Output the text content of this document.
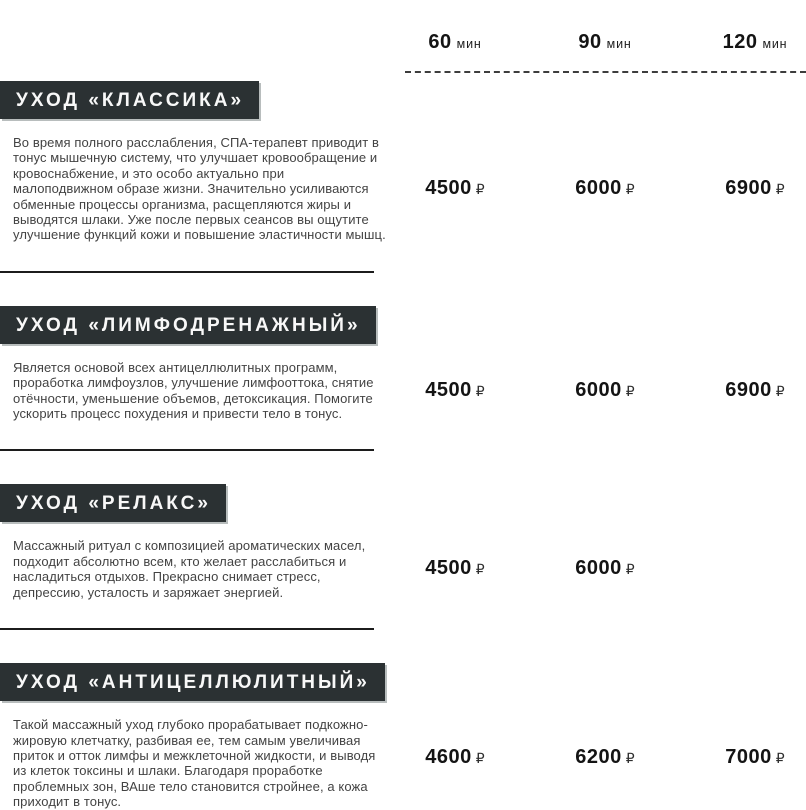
60 мин	90 мин	120 мин
УХОД «КЛАССИКА»

Во время полного расслабления, СПА-терапевт приводит в тонус мышечную систему, что улучшает кровообращение и кровоснабжение, и это особо актуально при малоподвижном образе жизни. Значительно усиливаются обменные процессы организма, расщепляются жиры и выводятся шлаки. Уже после первых сеансов вы ощутите улучшение функций кожи и повышение эластичности мышц.

4500 ₽	6000 ₽	6900 ₽
УХОД «ЛИМФОДРЕНАЖНЫЙ»

Является основой всех антицеллюлитных программ, проработка лимфоузлов, улучшение лимфооттока, снятие отёчности, уменьшение объемов, детоксикация. Помогите ускорить процесс похудения и привести тело в тонус.

4500 ₽	6000 ₽	6900 ₽
УХОД «РЕЛАКС»

Массажный ритуал с композицией ароматических масел, подходит абсолютно всем, кто желает расслабиться и насладиться отдыхов. Прекрасно снимает стресс, депрессию, усталость и заряжает энергией.

4500 ₽	6000 ₽
УХОД «АНТИЦЕЛЛЮЛИТНЫЙ»

Такой массажный уход глубоко прорабатывает подкожно-жировую клетчатку, разбивая ее, тем самым увеличивая приток и отток лимфы и межклеточной жидкости, и выводя из клеток токсины и шлаки. Благодаря проработке проблемных зон, ВАше тело становится стройнее, а кожа приходит в тонус.

4600 ₽	6200 ₽	7000 ₽
